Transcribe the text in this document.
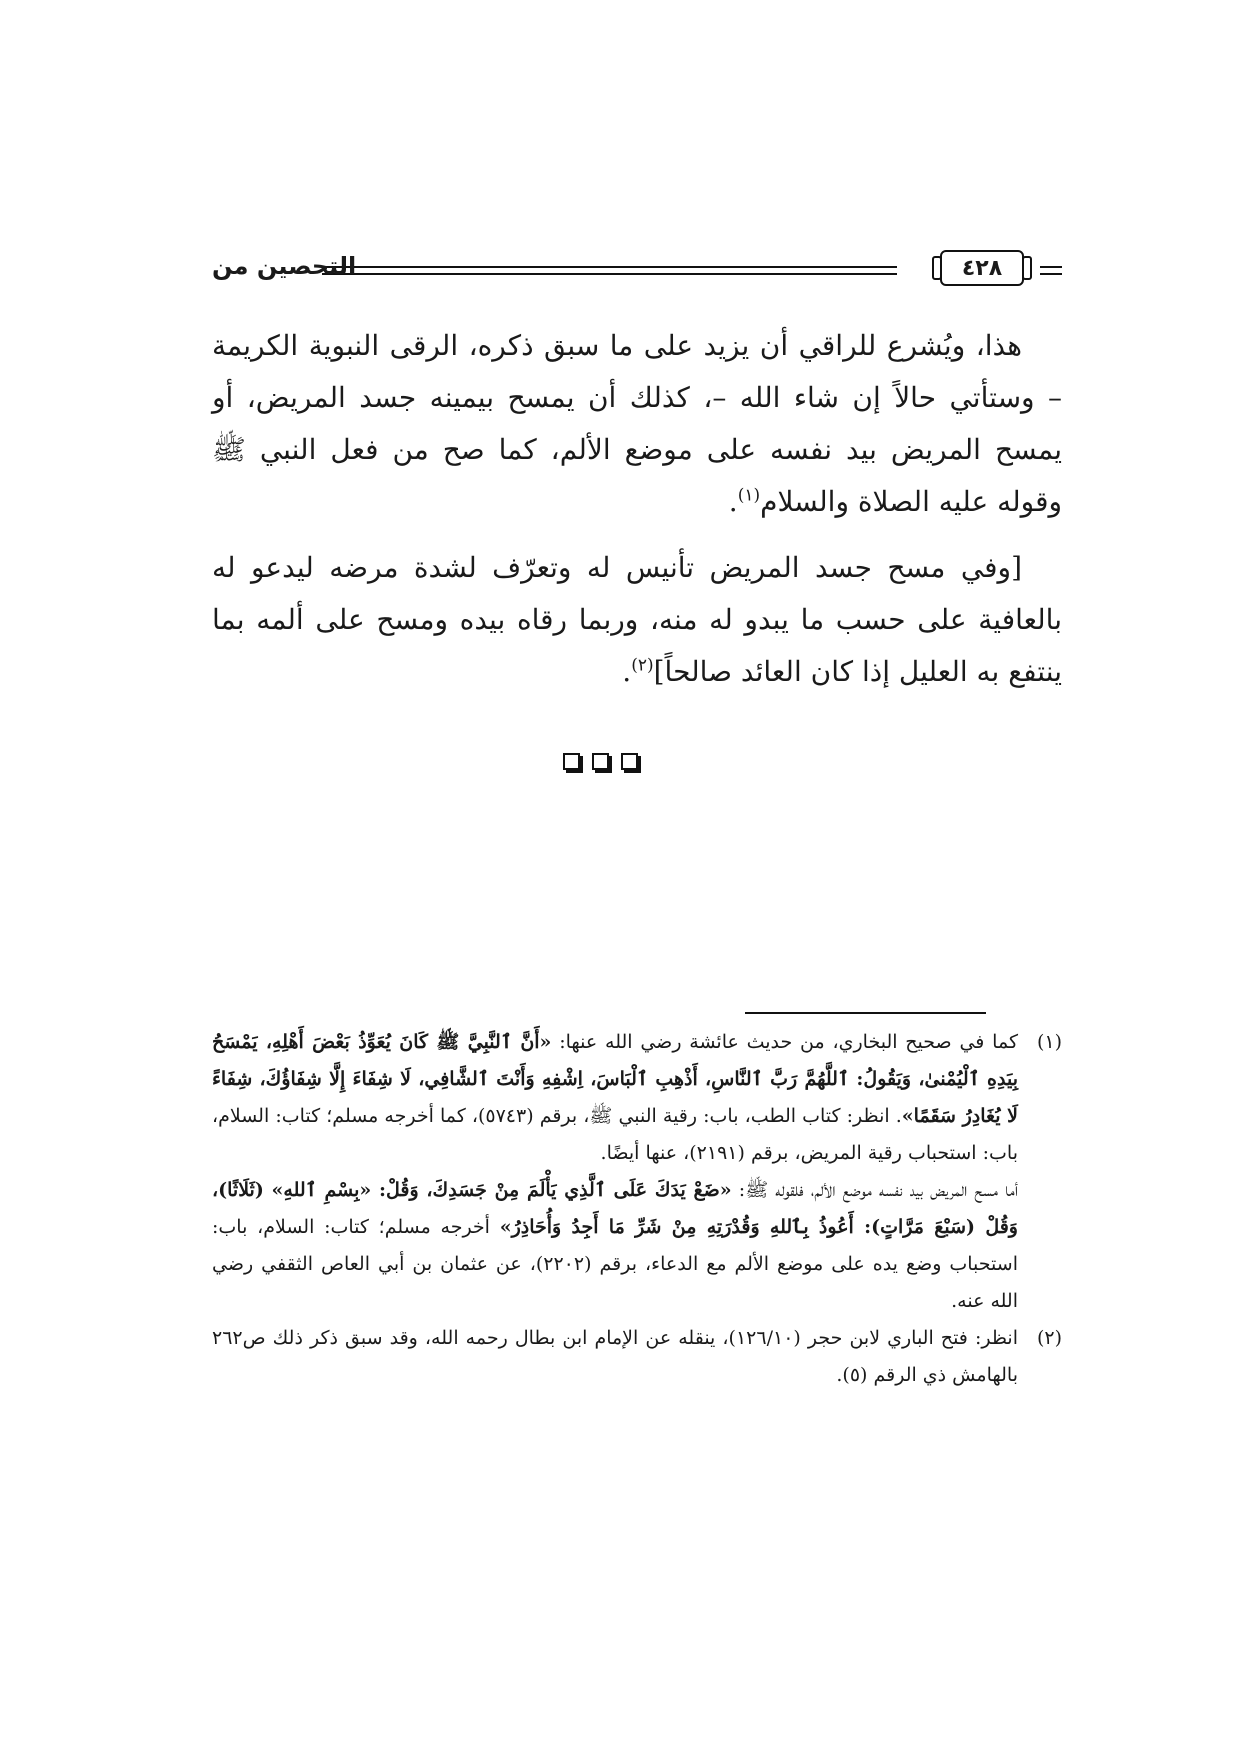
٤٢٨
التحصين من

هذا، ويُشرع للراقي أن يزيد على ما سبق ذكره، الرقى النبوية الكريمة – وستأتي حالاً إن شاء الله –، كذلك أن يمسح بيمينه جسد المريض، أو يمسح المريض بيد نفسه على موضع الألم، كما صح من فعل النبي ﷺ وقوله عليه الصلاة والسلام$^{(١)}$.

[وفي مسح جسد المريض تأنيس له وتعرّف لشدة مرضه ليدعو له بالعافية على حسب ما يبدو له منه، وربما رقاه بيده ومسح على ألمه بما ينتفع به العليل إذا كان العائد صالحاً]$^{(٢)}$.

(١)

كما في صحيح البخاري، من حديث عائشة رضي الله عنها: «أَنَّ ٱلنَّبِيَّ ﷺ كَانَ يُعَوِّذُ بَعْضَ أَهْلِهِ، يَمْسَحُ بِيَدِهِ ٱلْيُمْنىٰ، وَيَقُولُ: ٱللَّهُمَّ رَبَّ ٱلنَّاسِ، أَذْهِبِ ٱلْبَاسَ، اِشْفِهِ وَأَنْتَ ٱلشَّافِي، لَا شِفَاءَ إِلَّا شِفَاؤُكَ، شِفَاءً لَا يُغَادِرُ سَقَمًا». انظر: كتاب الطب، باب: رقية النبي ﷺ، برقم (٥٧٤٣)، كما أخرجه مسلم؛ كتاب: السلام، باب: استحباب رقية المريض، برقم (٢١٩١)، عنها أيضًا.

أما مسح المريض بيد نفسه موضع الألم، فلقوله ﷺ: «ضَعْ يَدَكَ عَلَى ٱلَّذِي يَأْلَمَ مِنْ جَسَدِكَ، وَقُلْ: «بِسْمِ ٱللهِ» (ثَلَاثًا)، وَقُلْ (سَبْعَ مَرَّاتٍ): أَعُوذُ بِٱللهِ وَقُدْرَتِهِ مِنْ شَرِّ مَا أَجِدُ وَأُحَاذِرُ» أخرجه مسلم؛ كتاب: السلام، باب: استحباب وضع يده على موضع الألم مع الدعاء، برقم (٢٢٠٢)، عن عثمان بن أبي العاص الثقفي رضي الله عنه.

(٢)

انظر: فتح الباري لابن حجر (١٢٦/١٠)، ينقله عن الإمام ابن بطال رحمه الله، وقد سبق ذكر ذلك ص٢٦٢ بالهامش ذي الرقم (٥).
